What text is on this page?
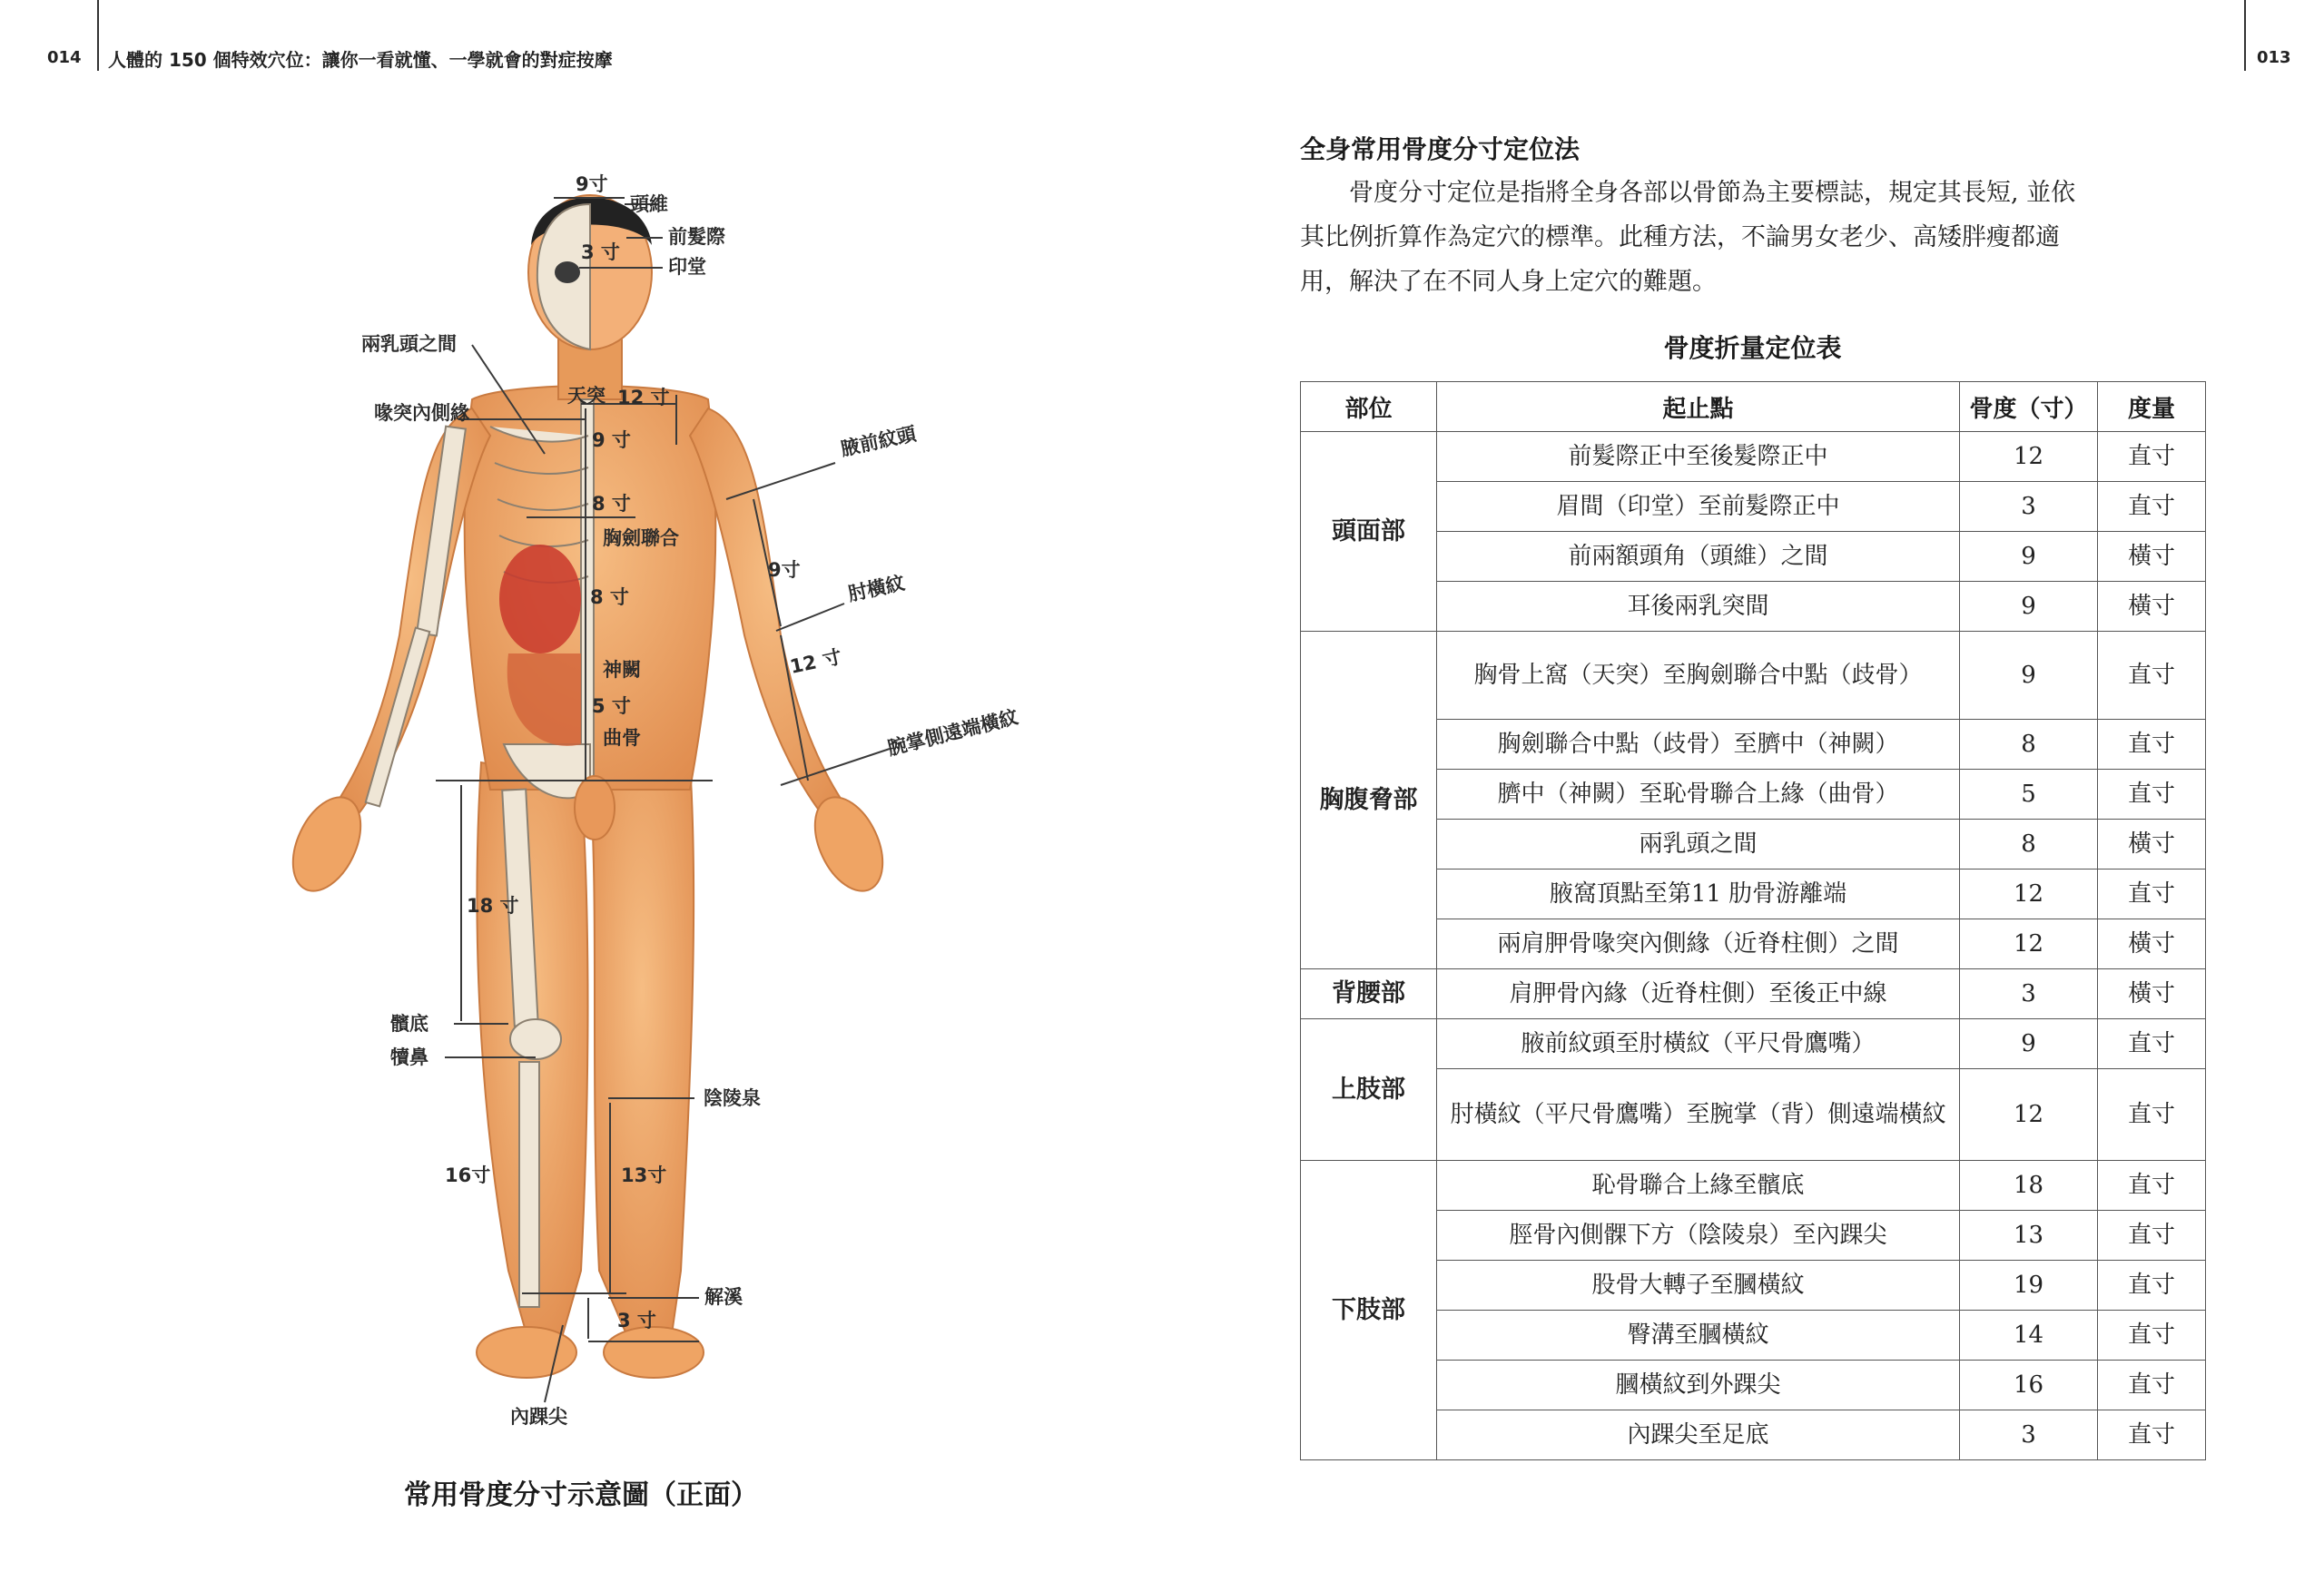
014 人體的 150 個特效穴位：讓你一看就懂、一學就會的對症按摩	013
全身常用骨度分寸定位法
　　骨度分寸定位是指將全身各部以骨節為主要標誌，規定其長短, 並依
其比例折算作為定穴的標準。此種方法，不論男女老少、高矮胖瘦都適
用，解決了在不同人身上定穴的難題。
骨度折量定位表
部位	起止點	骨度（寸）	度量
頭面部	前髮際正中至後髮際正中	12	直寸
	眉間（印堂）至前髮際正中	3	直寸
	前兩額頭角（頭維）之間	9	橫寸
	耳後兩乳突間	9	橫寸
胸腹脅部	胸骨上窩（天突）至胸劍聯合中點（歧骨）	9	直寸
	胸劍聯合中點（歧骨）至臍中（神闕）	8	直寸
	臍中（神闕）至恥骨聯合上緣（曲骨）	5	直寸
	兩乳頭之間	8	橫寸
	腋窩頂點至第11 肋骨游離端	12	直寸
	兩肩胛骨喙突內側緣（近脊柱側）之間	12	橫寸
背腰部	肩胛骨內緣（近脊柱側）至後正中線	3	橫寸
上肢部	腋前紋頭至肘橫紋（平尺骨鷹嘴）	9	直寸
	肘橫紋（平尺骨鷹嘴）至腕掌（背）側遠端橫紋	12	直寸
下肢部	恥骨聯合上緣至髕底	18	直寸
	脛骨內側髁下方（陰陵泉）至內踝尖	13	直寸
	股骨大轉子至膕橫紋	19	直寸
	臀溝至膕橫紋	14	直寸
	膕橫紋到外踝尖	16	直寸
	內踝尖至足底	3	直寸
9寸
頭維
前髮際
3 寸
印堂
兩乳頭之間
喙突內側緣
天突 12 寸
9 寸
8 寸
胸劍聯合
8 寸
神闕
5 寸
曲骨
腋前紋頭
9寸
肘橫紋
12 寸
腕掌側遠端橫紋
18 寸
髕底
犢鼻
陰陵泉
16寸	13寸
解溪
3 寸
內踝尖
常用骨度分寸示意圖（正面）
